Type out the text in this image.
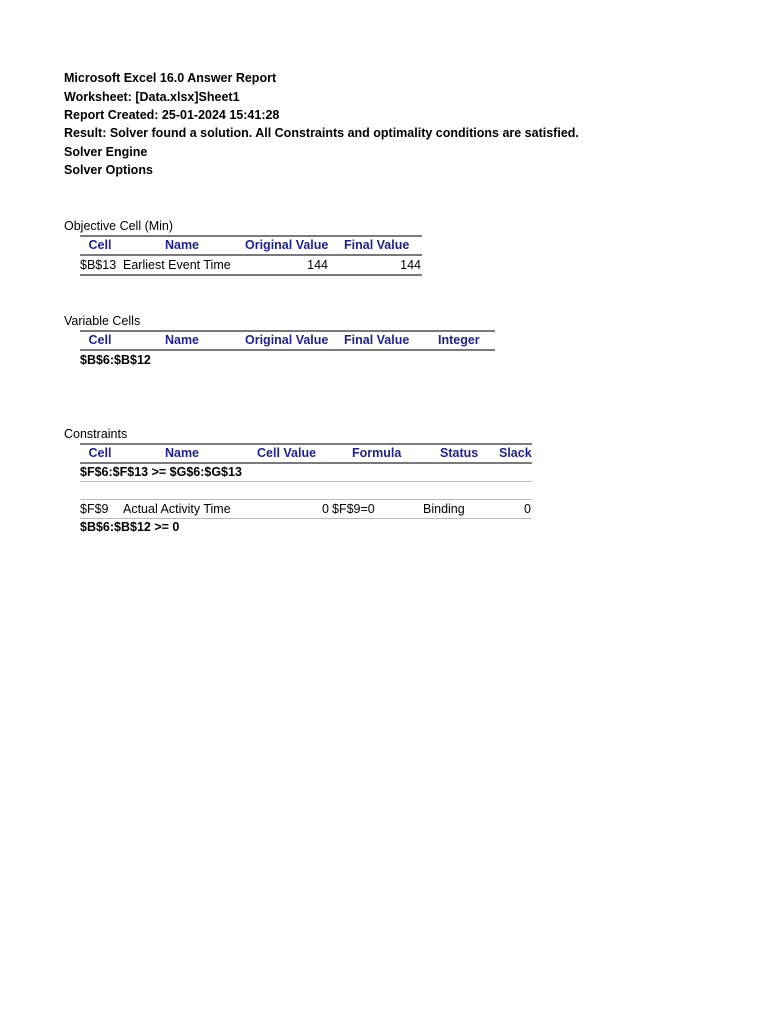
Microsoft Excel 16.0 Answer Report
Worksheet: [Data.xlsx]Sheet1
Report Created: 25-01-2024 15:41:28
Result: Solver found a solution. All Constraints and optimality conditions are satisfied.
Solver Engine
Solver Options
Objective Cell (Min)
Cell	Name	Original Value Final Value
$B$13 Earliest Event Time	144	144
Variable Cells
Cell	Name	Original Value Final Value Integer
$B$6:$B$12
Constraints
Cell	Name	Cell Value	Formula	Status Slack
$F$6:$F$13 >= $G$6:$G$13
$F$9 Actual Activity Time	0 $F$9=0	Binding	0
$B$6:$B$12 >= 0
